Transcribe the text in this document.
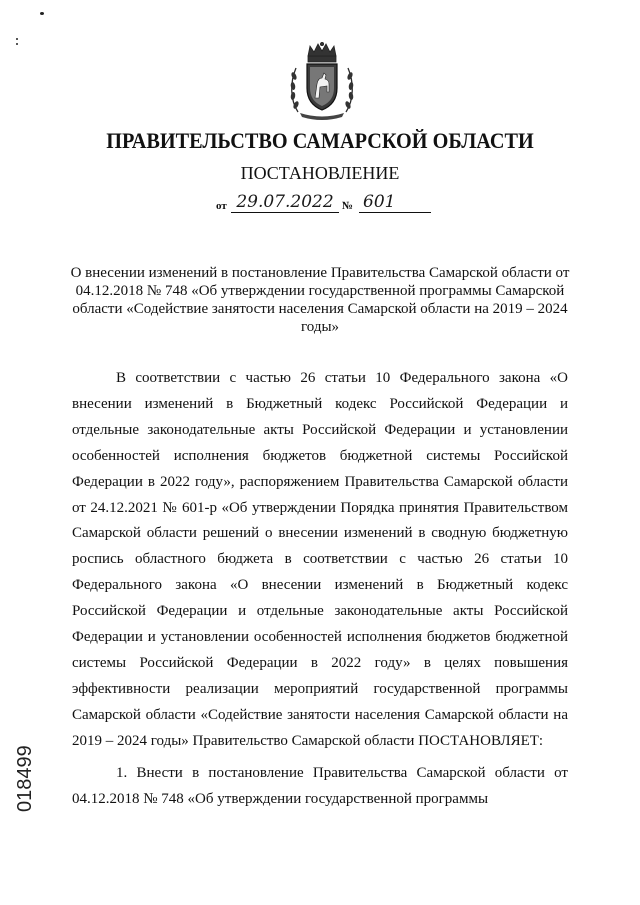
ПРАВИТЕЛЬСТВО САМАРСКОЙ ОБЛАСТИ
ПОСТАНОВЛЕНИЕ
от 29.07.2022 № 601
О внесении изменений в постановление Правительства Самарской области от 04.12.2018 № 748 «Об утверждении государственной программы Самарской области «Содействие занятости населения Самарской области на 2019 – 2024 годы»

В соответствии с частью 26 статьи 10 Федерального закона «О внесении изменений в Бюджетный кодекс Российской Федерации и отдельные законодательные акты Российской Федерации и установлении особенностей исполнения бюджетов бюджетной системы Российской Федерации в 2022 году», распоряжением Правительства Самарской области от 24.12.2021 № 601-р «Об утверждении Порядка принятия Правительством Самарской области решений о внесении изменений в сводную бюджетную роспись областного бюджета в соответствии с частью 26 статьи 10 Федерального закона «О внесении изменений в Бюджетный кодекс Российской Федерации и отдельные законодательные акты Российской Федерации и установлении особенностей исполнения бюджетов бюджетной системы Российской Федерации в 2022 году» в целях повышения эффективности реализации мероприятий государственной программы Самарской области «Содействие занятости населения Самарской области на 2019 – 2024 годы» Правительство Самарской области ПОСТАНОВЛЯЕТ:

1. Внести в постановление Правительства Самарской области от 04.12.2018 № 748 «Об утверждении государственной программы

018499
